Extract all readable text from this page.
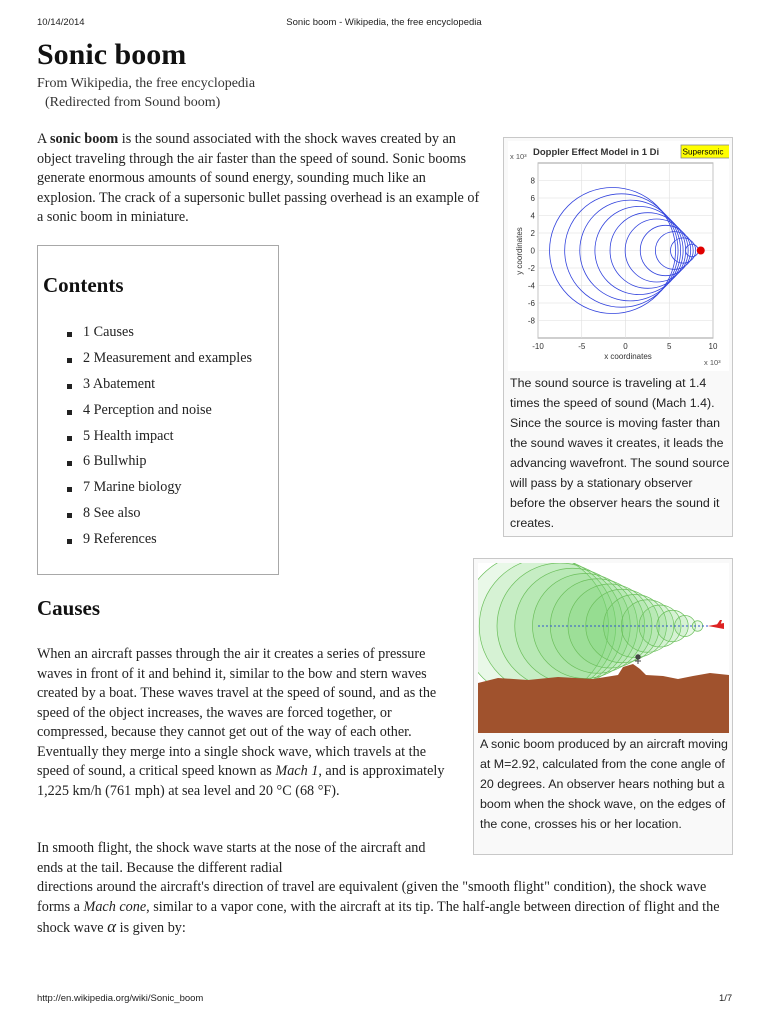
10/14/2014	Sonic boom - Wikipedia, the free encyclopedia
http://en.wikipedia.org/wiki/Sonic_boom	1/7
Sonic boom
From Wikipedia, the free encyclopedia
(Redirected from Sound boom)

A sonic boom is the sound associated with the shock waves created by an object traveling through the air faster than the speed of sound. Sonic booms generate enormous amounts of sound energy, sounding much like an explosion. The crack of a supersonic bullet passing overhead is an example of a sonic boom in miniature.

Contents
1 Causes
2 Measurement and examples
3 Abatement
4 Perception and noise
5 Health impact
6 Bullwhip
7 Marine biology
8 See also
9 References
Causes

When an aircraft passes through the air it creates a series of pressure waves in front of it and behind it, similar to the bow and stern waves created by a boat. These waves travel at the speed of sound, and as the speed of the object increases, the waves are forced together, or compressed, because they cannot get out of the way of each other. Eventually they merge into a single shock wave, which travels at the speed of sound, a critical speed known as Mach 1, and is approximately 1,225 km/h (761 mph) at sea level and 20 °C (68 °F).

In smooth flight, the shock wave starts at the nose of the aircraft and ends at the tail. Because the different radial

directions around the aircraft's direction of travel are equivalent (given the "smooth flight" condition), the shock wave forms a Mach cone, similar to a vapor cone, with the aircraft at its tip. The half-angle between direction of flight and the shock wave α is given by:

x 10³
x 10³
Doppler Effect Model in 1 Di	Supersonic
8
6
4
2
0
-2
-4
-6
-8
-10	-5	0	5	10
x coordinates
y coordinates
The sound source is traveling at 1.4 times the speed of sound (Mach 1.4). Since the source is moving faster than the sound waves it creates, it leads the advancing wavefront. The sound source will pass by a stationary observer before the observer hears the sound it creates.
A sonic boom produced by an aircraft moving at M=2.92, calculated from the cone angle of 20 degrees. An observer hears nothing but a boom when the shock wave, on the edges of the cone, crosses his or her location.
